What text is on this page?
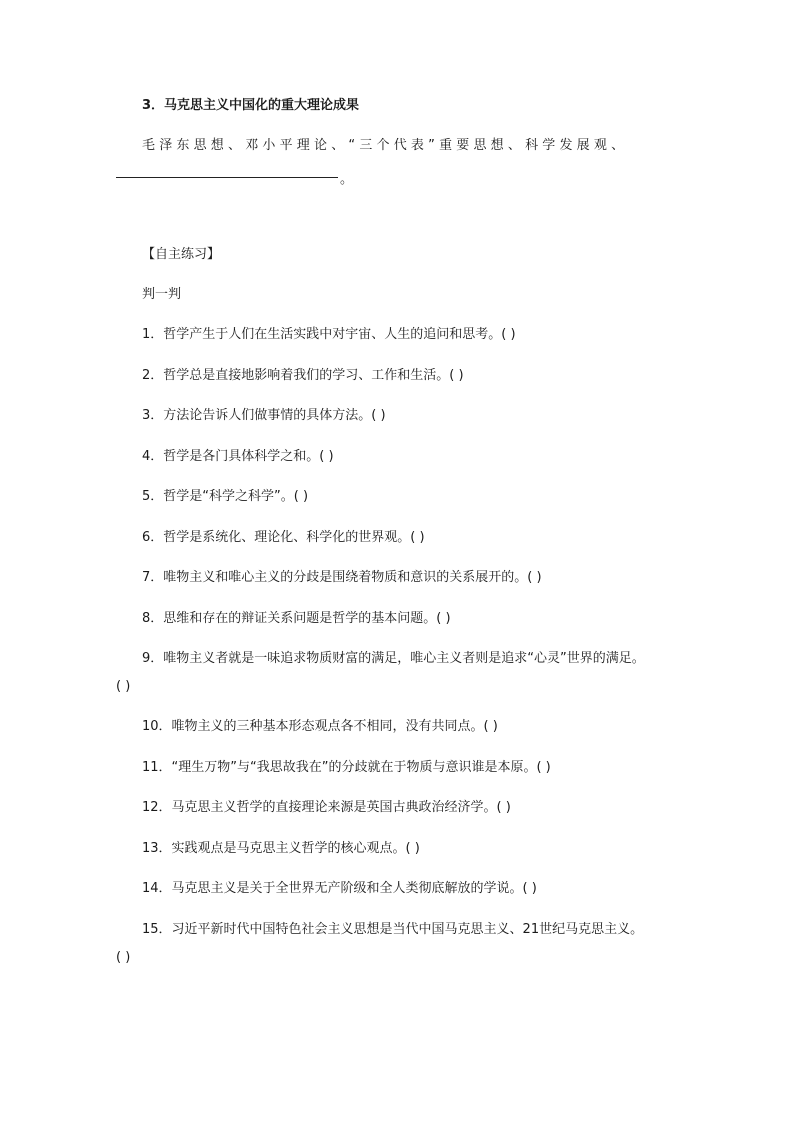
3．马克思主义中国化的重大理论成果
毛泽东思想、邓小平理论、“三个代表”重要思想、科学发展观、
。
【自主练习】
判一判
1．哲学产生于人们在生活实践中对宇宙、人生的追问和思考。( )
2．哲学总是直接地影响着我们的学习、工作和生活。( )
3．方法论告诉人们做事情的具体方法。( )
4．哲学是各门具体科学之和。( )
5．哲学是“科学之科学”。( )
6．哲学是系统化、理论化、科学化的世界观。( )
7．唯物主义和唯心主义的分歧是围绕着物质和意识的关系展开的。( )
8．思维和存在的辩证关系问题是哲学的基本问题。( )
9．唯物主义者就是一味追求物质财富的满足，唯心主义者则是追求“心灵”世界的满足。
( )
10．唯物主义的三种基本形态观点各不相同，没有共同点。( )
11．“理生万物”与“我思故我在”的分歧就在于物质与意识谁是本原。( )
12．马克思主义哲学的直接理论来源是英国古典政治经济学。( )
13．实践观点是马克思主义哲学的核心观点。( )
14．马克思主义是关于全世界无产阶级和全人类彻底解放的学说。( )
15．习近平新时代中国特色社会主义思想是当代中国马克思主义、21世纪马克思主义。
( )
